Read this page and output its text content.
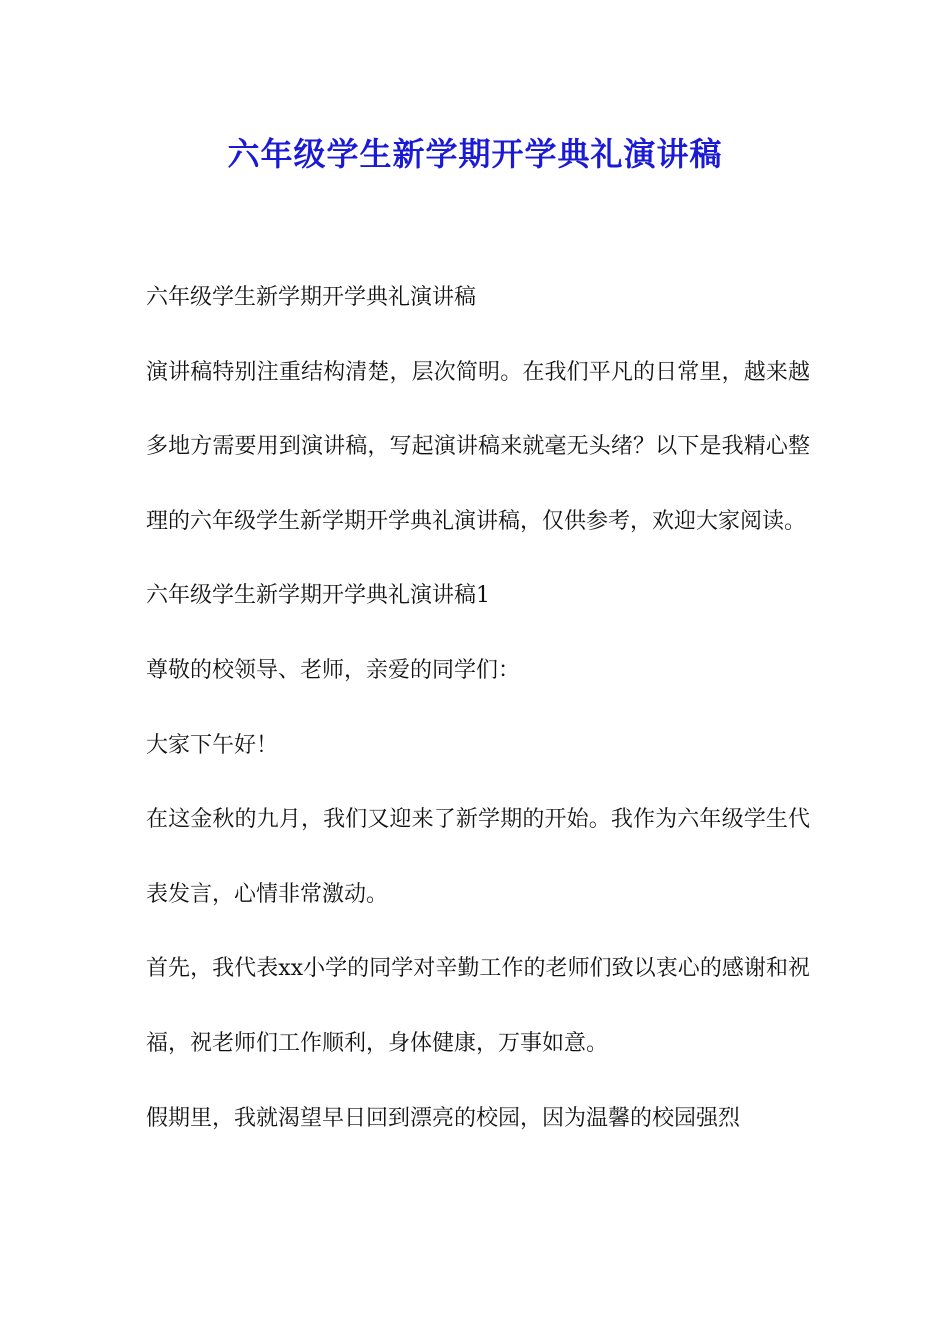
六年级学生新学期开学典礼演讲稿

六年级学生新学期开学典礼演讲稿

演讲稿特别注重结构清楚，层次简明。在我们平凡的日常里，越来越多地方需要用到演讲稿，写起演讲稿来就毫无头绪？以下是我精心整理的六年级学生新学期开学典礼演讲稿，仅供参考，欢迎大家阅读。

六年级学生新学期开学典礼演讲稿1

尊敬的校领导、老师，亲爱的同学们：

大家下午好！

在这金秋的九月，我们又迎来了新学期的开始。我作为六年级学生代表发言，心情非常激动。

首先，我代表xx小学的同学对辛勤工作的老师们致以衷心的感谢和祝福，祝老师们工作顺利，身体健康，万事如意。

假期里，我就渴望早日回到漂亮的校园，因为温馨的校园强烈
